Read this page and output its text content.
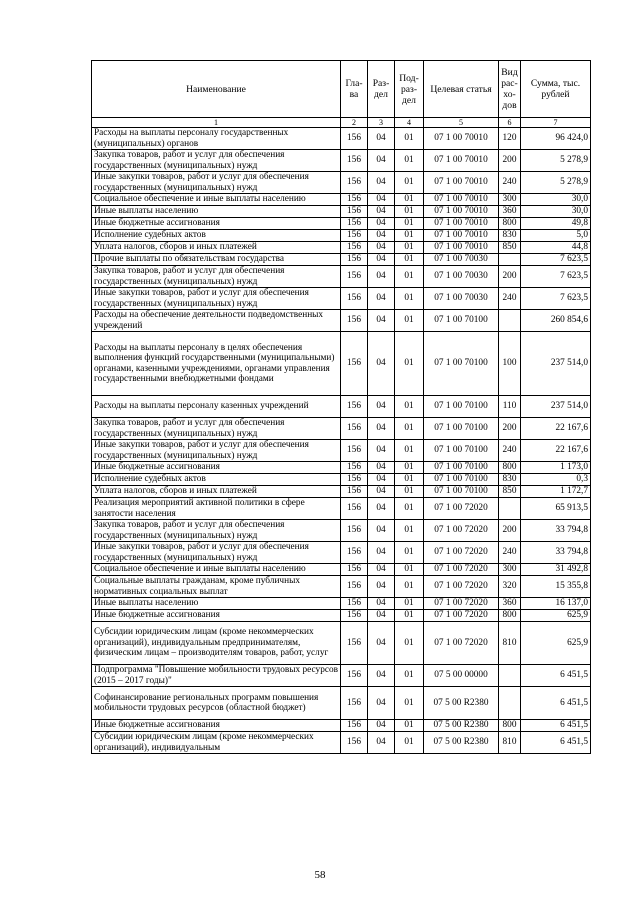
Наименование	Гла-ва	Раз-дел	Под-раз-дел	Целевая статья	Вид рас-хо-дов	Сумма, тыс. рублей
1	2	3	4	5	6	7
Расходы на выплаты персоналу государственных (муниципальных) органов	156	04	01	07 1 00 70010	120	96 424,0
Закупка товаров, работ и услуг для обеспечения государственных (муниципальных) нужд	156	04	01	07 1 00 70010	200	5 278,9
Иные закупки товаров, работ и услуг для обеспечения государственных (муниципальных) нужд	156	04	01	07 1 00 70010	240	5 278,9
Социальное обеспечение и иные выплаты населению	156	04	01	07 1 00 70010	300	30,0
Иные выплаты населению	156	04	01	07 1 00 70010	360	30,0
Иные бюджетные ассигнования	156	04	01	07 1 00 70010	800	49,8
Исполнение судебных актов	156	04	01	07 1 00 70010	830	5,0
Уплата налогов, сборов и иных платежей	156	04	01	07 1 00 70010	850	44,8
Прочие выплаты по обязательствам государства	156	04	01	07 1 00 70030		7 623,5
Закупка товаров, работ и услуг для обеспечения государственных (муниципальных) нужд	156	04	01	07 1 00 70030	200	7 623,5
Иные закупки товаров, работ и услуг для обеспечения государственных (муниципальных) нужд	156	04	01	07 1 00 70030	240	7 623,5
Расходы на обеспечение деятельности подведомственных учреждений	156	04	01	07 1 00 70100		260 854,6
Расходы на выплаты персоналу в целях обеспечения выполнения функций государственными (муниципальными) органами, казенными учреждениями, органами управления государственными внебюджетными фондами	156	04	01	07 1 00 70100	100	237 514,0
Расходы на выплаты персоналу казенных учреждений	156	04	01	07 1 00 70100	110	237 514,0
Закупка товаров, работ и услуг для обеспечения государственных (муниципальных) нужд	156	04	01	07 1 00 70100	200	22 167,6
Иные закупки товаров, работ и услуг для обеспечения государственных (муниципальных) нужд	156	04	01	07 1 00 70100	240	22 167,6
Иные бюджетные ассигнования	156	04	01	07 1 00 70100	800	1 173,0
Исполнение судебных актов	156	04	01	07 1 00 70100	830	0,3
Уплата налогов, сборов и иных платежей	156	04	01	07 1 00 70100	850	1 172,7
Реализация мероприятий активной политики в сфере занятости населения	156	04	01	07 1 00 72020		65 913,5
Закупка товаров, работ и услуг для обеспечения государственных (муниципальных) нужд	156	04	01	07 1 00 72020	200	33 794,8
Иные закупки товаров, работ и услуг для обеспечения государственных (муниципальных) нужд	156	04	01	07 1 00 72020	240	33 794,8
Социальное обеспечение и иные выплаты населению	156	04	01	07 1 00 72020	300	31 492,8
Социальные выплаты гражданам, кроме публичных нормативных социальных выплат	156	04	01	07 1 00 72020	320	15 355,8
Иные выплаты населению	156	04	01	07 1 00 72020	360	16 137,0
Иные бюджетные ассигнования	156	04	01	07 1 00 72020	800	625,9
Субсидии юридическим лицам (кроме некоммерческих организаций), индивидуальным предпринимателям, физическим лицам – производителям товаров, работ, услуг	156	04	01	07 1 00 72020	810	625,9
Подпрограмма "Повышение мобильности трудовых ресурсов (2015 – 2017 годы)"	156	04	01	07 5 00 00000		6 451,5
Софинансирование региональных программ повышения мобильности трудовых ресурсов (областной бюджет)	156	04	01	07 5 00 R2380		6 451,5
Иные бюджетные ассигнования	156	04	01	07 5 00 R2380	800	6 451,5
Субсидии юридическим лицам (кроме некоммерческих организаций), индивидуальным	156	04	01	07 5 00 R2380	810	6 451,5
58
